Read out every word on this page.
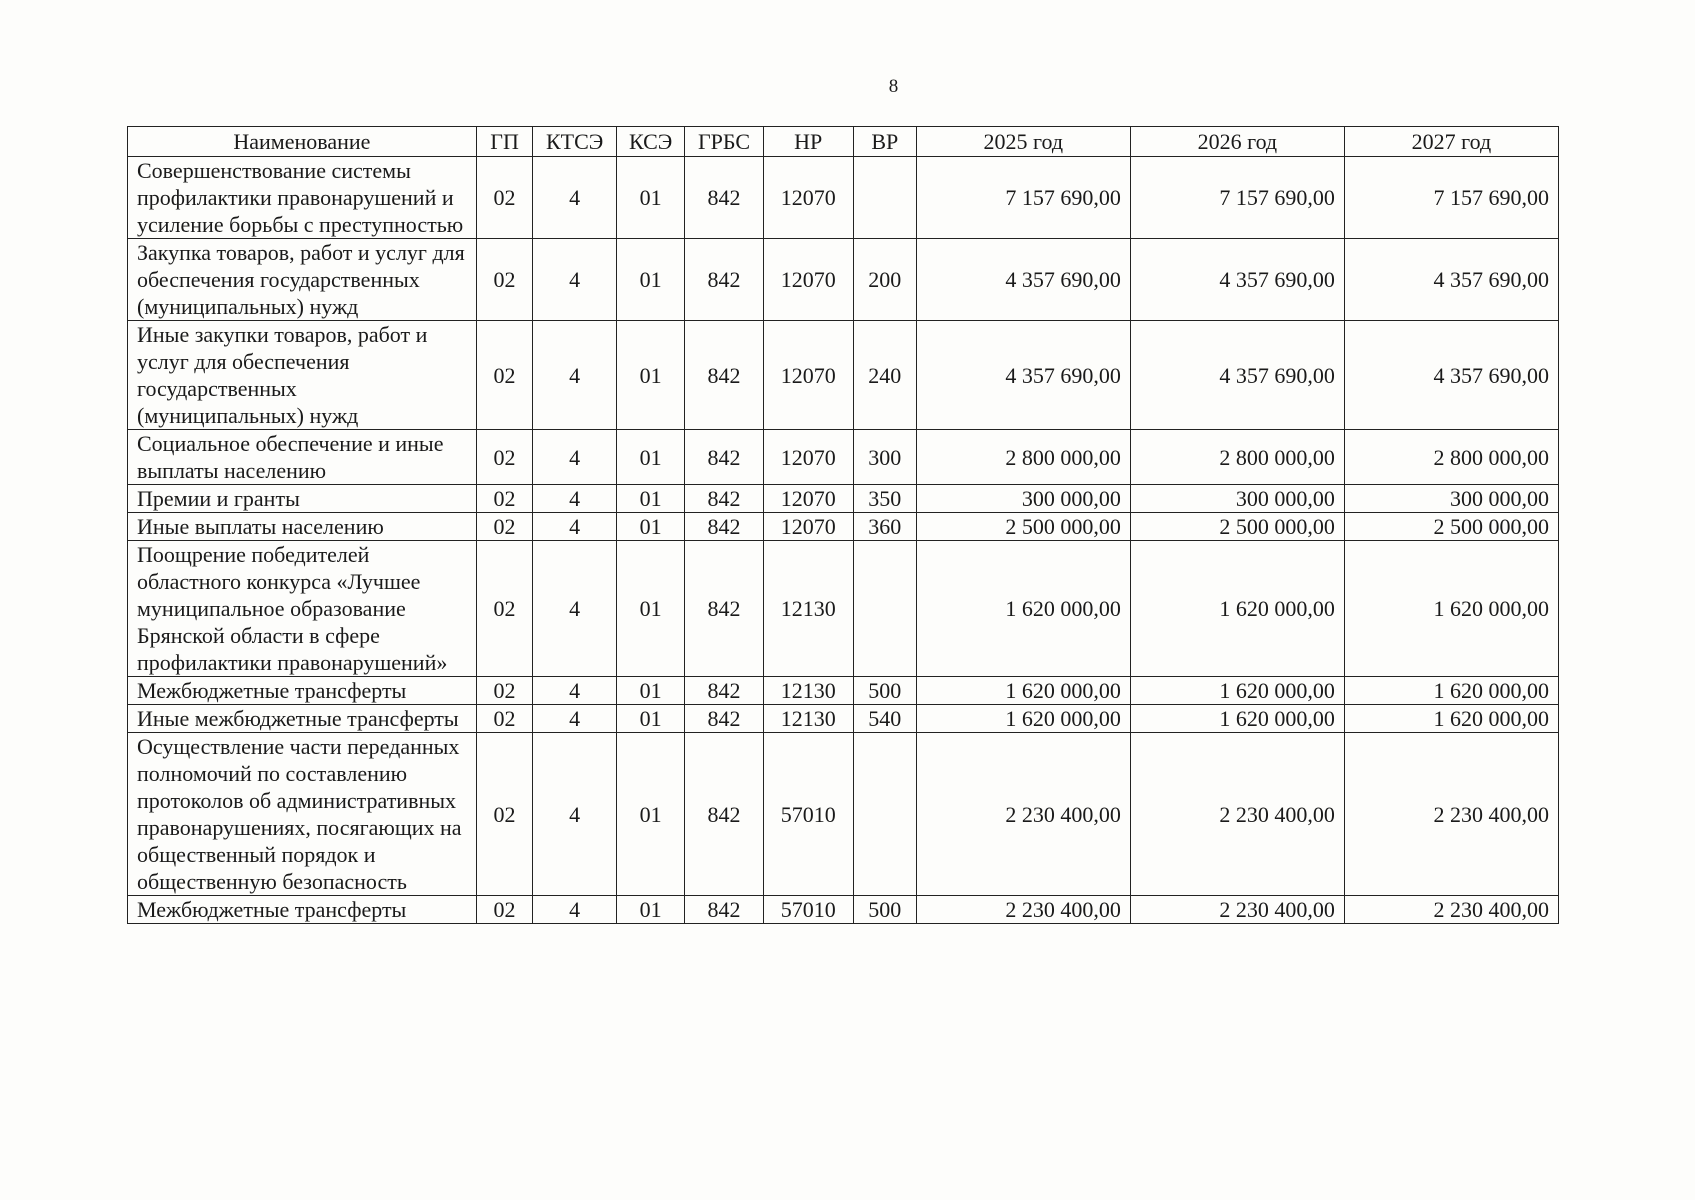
8
Наименование	ГП	КТСЭ	КСЭ	ГРБС	НР	ВР	2025 год	2026 год	2027 год
Совершенствование системы профилактики правонарушений и усиление борьбы с преступностью	02	4	01	842	12070		7 157 690,00	7 157 690,00	7 157 690,00
Закупка товаров, работ и услуг для обеспечения государственных (муниципальных) нужд	02	4	01	842	12070	200	4 357 690,00	4 357 690,00	4 357 690,00
Иные закупки товаров, работ и услуг для обеспечения государственных (муниципальных) нужд	02	4	01	842	12070	240	4 357 690,00	4 357 690,00	4 357 690,00
Социальное обеспечение и иные выплаты населению	02	4	01	842	12070	300	2 800 000,00	2 800 000,00	2 800 000,00
Премии и гранты	02	4	01	842	12070	350	300 000,00	300 000,00	300 000,00
Иные выплаты населению	02	4	01	842	12070	360	2 500 000,00	2 500 000,00	2 500 000,00
Поощрение победителей областного конкурса «Лучшее муниципальное образование Брянской области в сфере профилактики правонарушений»	02	4	01	842	12130		1 620 000,00	1 620 000,00	1 620 000,00
Межбюджетные трансферты	02	4	01	842	12130	500	1 620 000,00	1 620 000,00	1 620 000,00
Иные межбюджетные трансферты	02	4	01	842	12130	540	1 620 000,00	1 620 000,00	1 620 000,00
Осуществление части переданных полномочий по составлению протоколов об административных правонарушениях, посягающих на общественный порядок и общественную безопасность	02	4	01	842	57010		2 230 400,00	2 230 400,00	2 230 400,00
Межбюджетные трансферты	02	4	01	842	57010	500	2 230 400,00	2 230 400,00	2 230 400,00
